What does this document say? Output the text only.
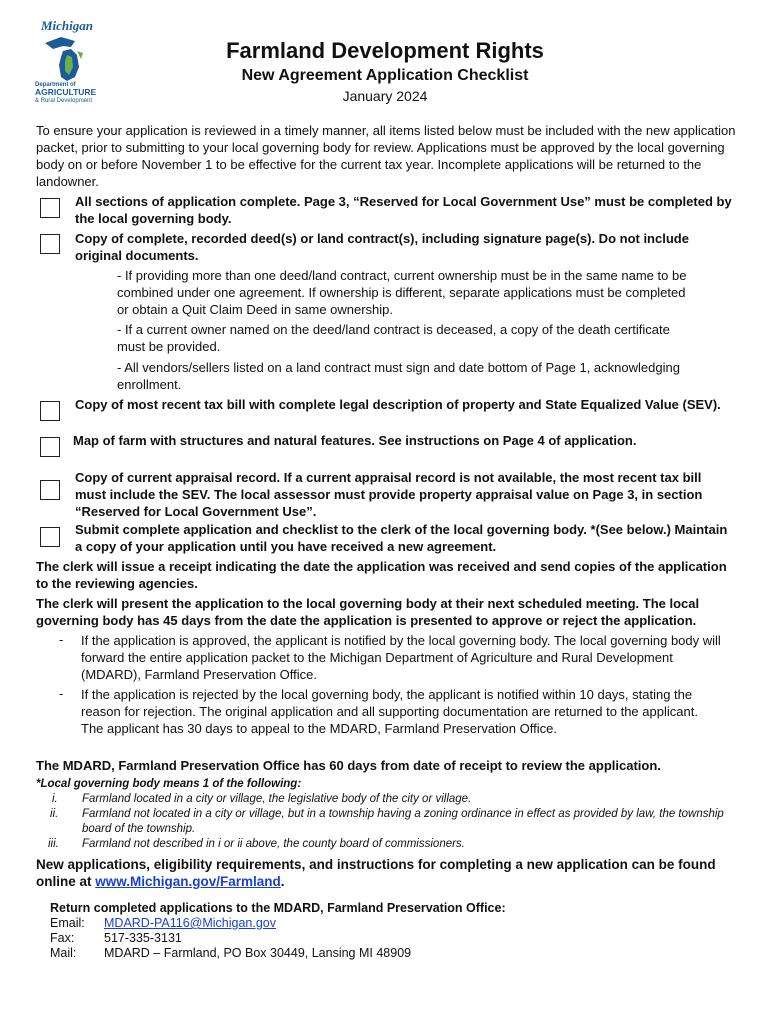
Michigan
Department of
AGRICULTURE
& Rural Development
Farmland Development Rights
New Agreement Application Checklist
January 2024
To ensure your application is reviewed in a timely manner, all items listed below must be included with the new application packet, prior to submitting to your local governing body for review. Applications must be approved by the local governing body on or before November 1 to be effective for the current tax year. Incomplete applications will be returned to the landowner.
All sections of application complete. Page 3, “Reserved for Local Government Use” must be completed by the local governing body.
Copy of complete, recorded deed(s) or land contract(s), including signature page(s). Do not include original documents.
- If providing more than one deed/land contract, current ownership must be in the same name to be combined under one agreement. If ownership is different, separate applications must be completed or obtain a Quit Claim Deed in same ownership.
- If a current owner named on the deed/land contract is deceased, a copy of the death certificate must be provided.
- All vendors/sellers listed on a land contract must sign and date bottom of Page 1, acknowledging enrollment.
Copy of most recent tax bill with complete legal description of property and State Equalized Value (SEV).
Map of farm with structures and natural features. See instructions on Page 4 of application.
Copy of current appraisal record. If a current appraisal record is not available, the most recent tax bill must include the SEV. The local assessor must provide property appraisal value on Page 3, in section “Reserved for Local Government Use”.
Submit complete application and checklist to the clerk of the local governing body. *(See below.) Maintain a copy of your application until you have received a new agreement.
The clerk will issue a receipt indicating the date the application was received and send copies of the application to the reviewing agencies.
The clerk will present the application to the local governing body at their next scheduled meeting. The local governing body has 45 days from the date the application is presented to approve or reject the application.
- If the application is approved, the applicant is notified by the local governing body. The local governing body will forward the entire application packet to the Michigan Department of Agriculture and Rural Development (MDARD), Farmland Preservation Office.
- If the application is rejected by the local governing body, the applicant is notified within 10 days, stating the reason for rejection. The original application and all supporting documentation are returned to the applicant. The applicant has 30 days to appeal to the MDARD, Farmland Preservation Office.
The MDARD, Farmland Preservation Office has 60 days from date of receipt to review the application.
*Local governing body means 1 of the following:
i. Farmland located in a city or village, the legislative body of the city or village.
ii. Farmland not located in a city or village, but in a township having a zoning ordinance in effect as provided by law, the township board of the township.
iii. Farmland not described in i or ii above, the county board of commissioners.
New applications, eligibility requirements, and instructions for completing a new application can be found online at www.Michigan.gov/Farmland.
Return completed applications to the MDARD, Farmland Preservation Office:
Email: MDARD-PA116@Michigan.gov
Fax: 517-335-3131
Mail: MDARD – Farmland, PO Box 30449, Lansing MI 48909
